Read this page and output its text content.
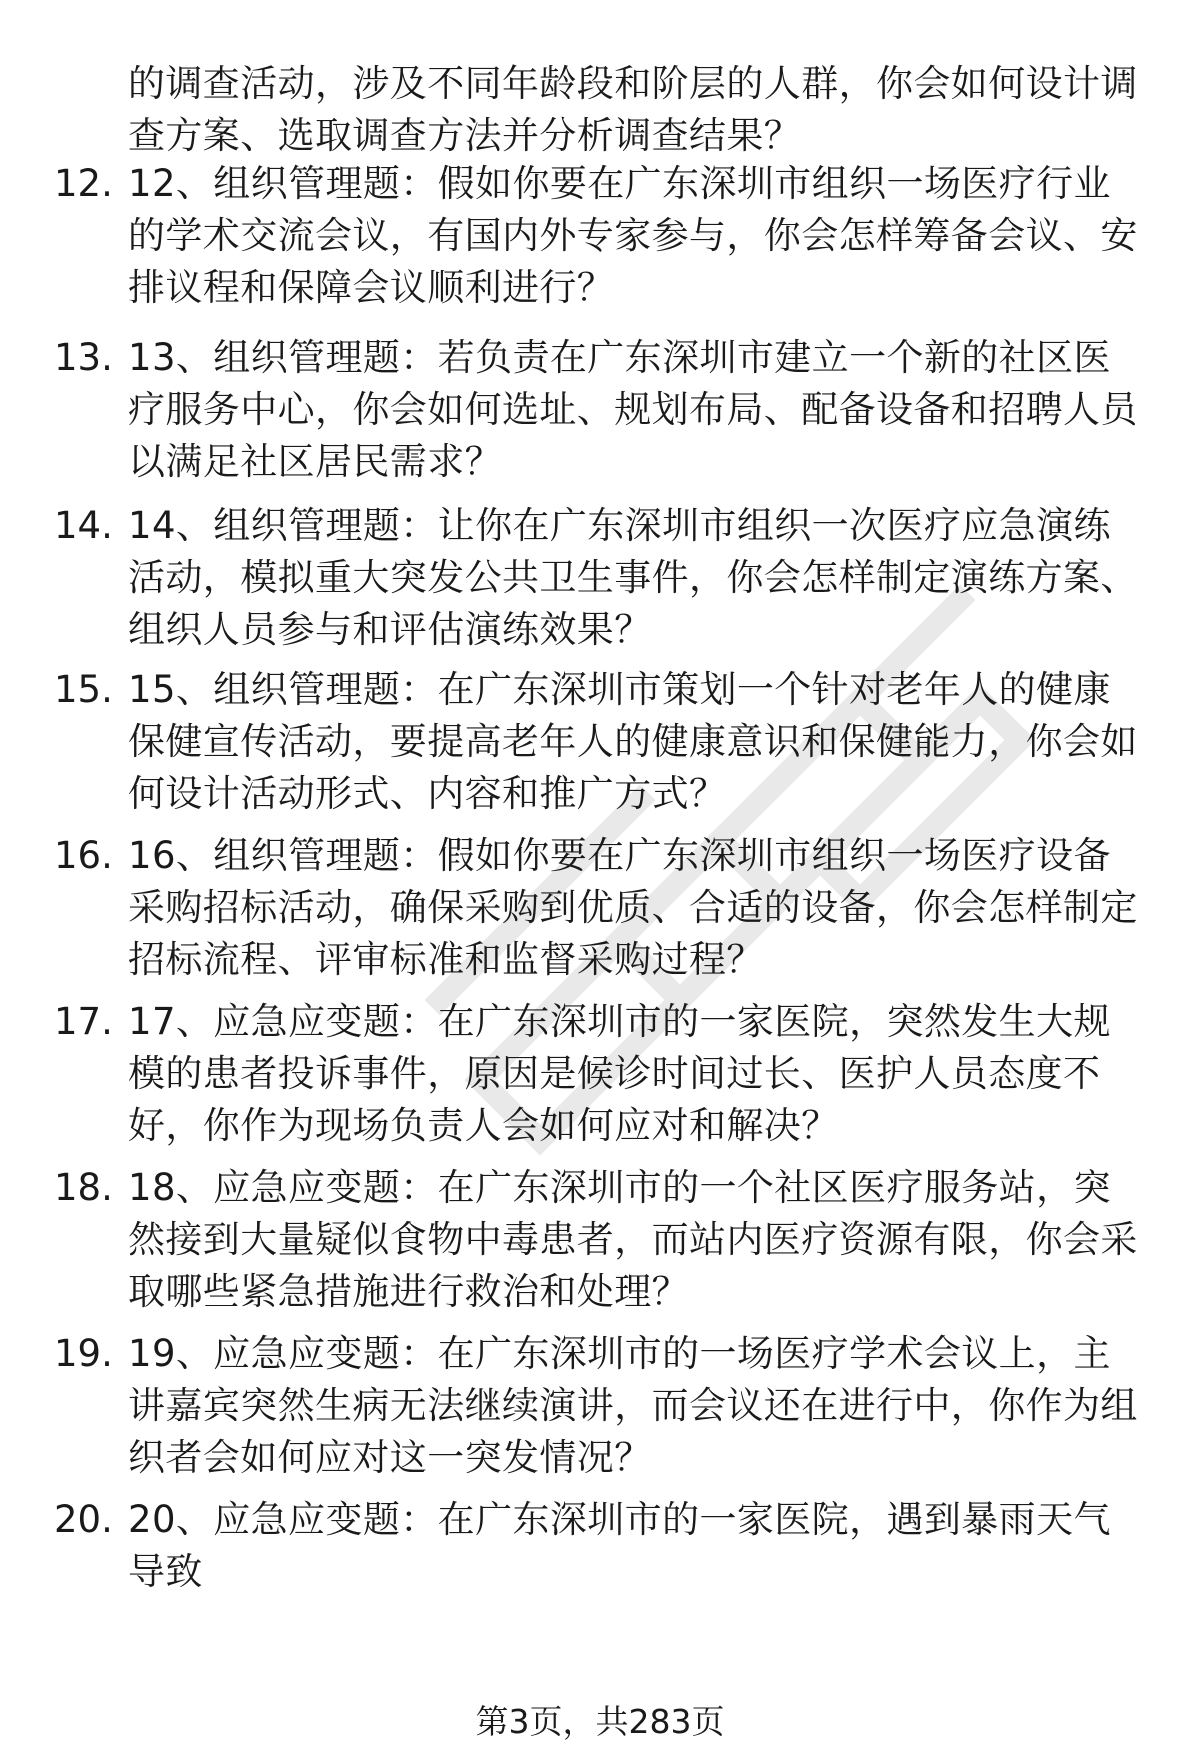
的调查活动，涉及不同年龄段和阶层的人群，你会如何设计调查方案、选取调查方法并分析调查结果？
12. 12、组织管理题：假如你要在广东深圳市组织一场医疗行业的学术交流会议，有国内外专家参与，你会怎样筹备会议、安排议程和保障会议顺利进行？
13. 13、组织管理题：若负责在广东深圳市建立一个新的社区医疗服务中心，你会如何选址、规划布局、配备设备和招聘人员以满足社区居民需求？
14. 14、组织管理题：让你在广东深圳市组织一次医疗应急演练活动，模拟重大突发公共卫生事件，你会怎样制定演练方案、组织人员参与和评估演练效果？
15. 15、组织管理题：在广东深圳市策划一个针对老年人的健康保健宣传活动，要提高老年人的健康意识和保健能力，你会如何设计活动形式、内容和推广方式？
16. 16、组织管理题：假如你要在广东深圳市组织一场医疗设备采购招标活动，确保采购到优质、合适的设备，你会怎样制定招标流程、评审标准和监督采购过程？
17. 17、应急应变题：在广东深圳市的一家医院，突然发生大规模的患者投诉事件，原因是候诊时间过长、医护人员态度不好，你作为现场负责人会如何应对和解决？
18. 18、应急应变题：在广东深圳市的一个社区医疗服务站，突然接到大量疑似食物中毒患者，而站内医疗资源有限，你会采取哪些紧急措施进行救治和处理？
19. 19、应急应变题：在广东深圳市的一场医疗学术会议上，主讲嘉宾突然生病无法继续演讲，而会议还在进行中，你作为组织者会如何应对这一突发情况？
20. 20、应急应变题：在广东深圳市的一家医院，遇到暴雨天气导致
第3页，共283页
